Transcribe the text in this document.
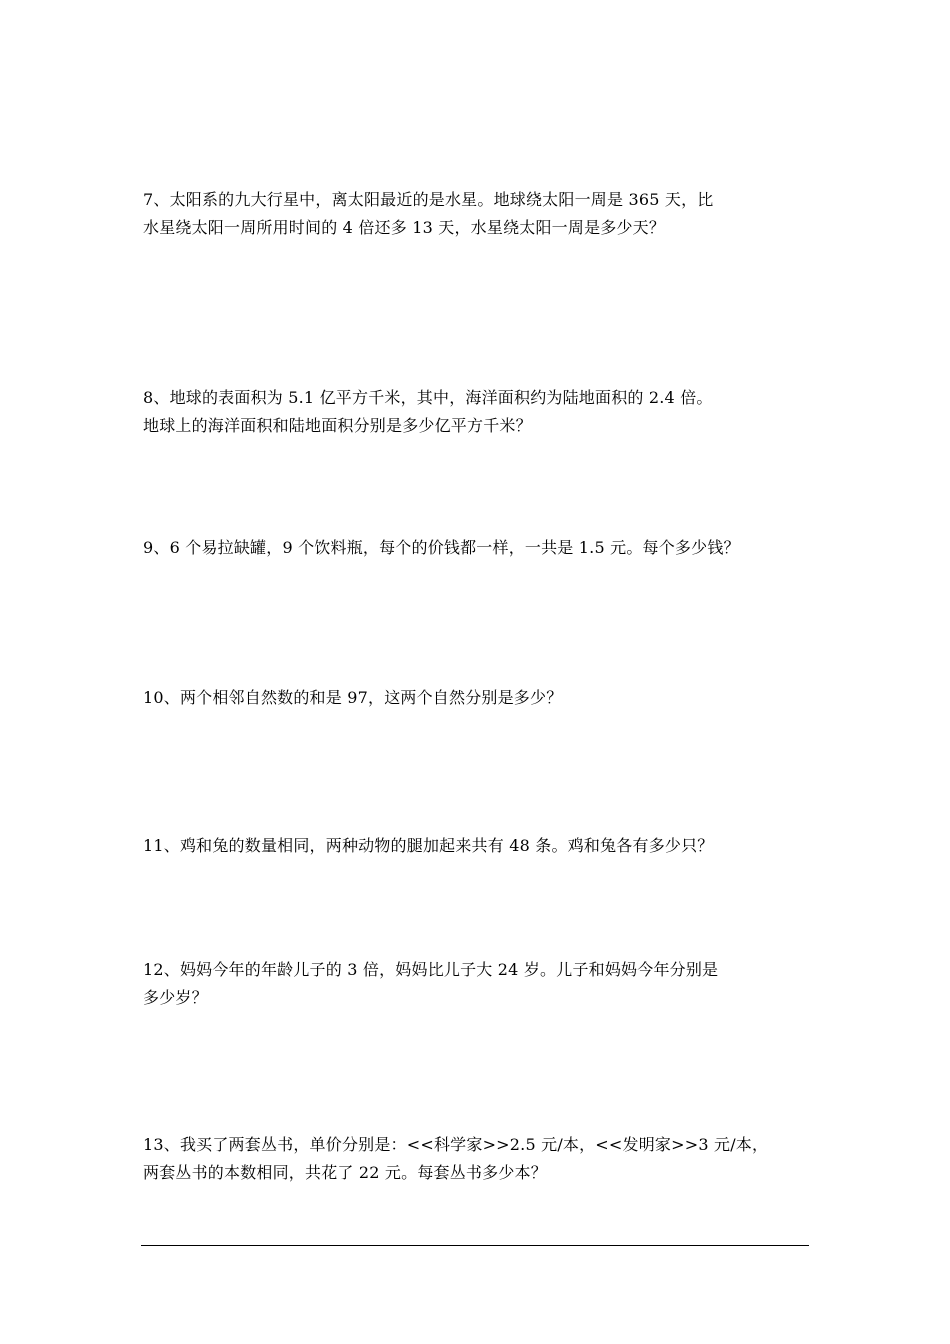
7、太阳系的九大行星中，离太阳最近的是水星。地球绕太阳一周是 365 天，比
水星绕太阳一周所用时间的 4 倍还多 13 天，水星绕太阳一周是多少天？

8、地球的表面积为 5.1 亿平方千米，其中，海洋面积约为陆地面积的 2.4 倍。
地球上的海洋面积和陆地面积分别是多少亿平方千米？

9、6 个易拉缺罐，9 个饮料瓶，每个的价钱都一样，一共是 1.5 元。每个多少钱？

10、两个相邻自然数的和是 97，这两个自然分别是多少？

11、鸡和兔的数量相同，两种动物的腿加起来共有 48 条。鸡和兔各有多少只？

12、妈妈今年的年龄儿子的 3 倍，妈妈比儿子大 24 岁。儿子和妈妈今年分别是
多少岁？

13、我买了两套丛书，单价分别是：<<科学家>>2.5 元/本，<<发明家>>3 元/本，
两套丛书的本数相同，共花了 22 元。每套丛书多少本？
